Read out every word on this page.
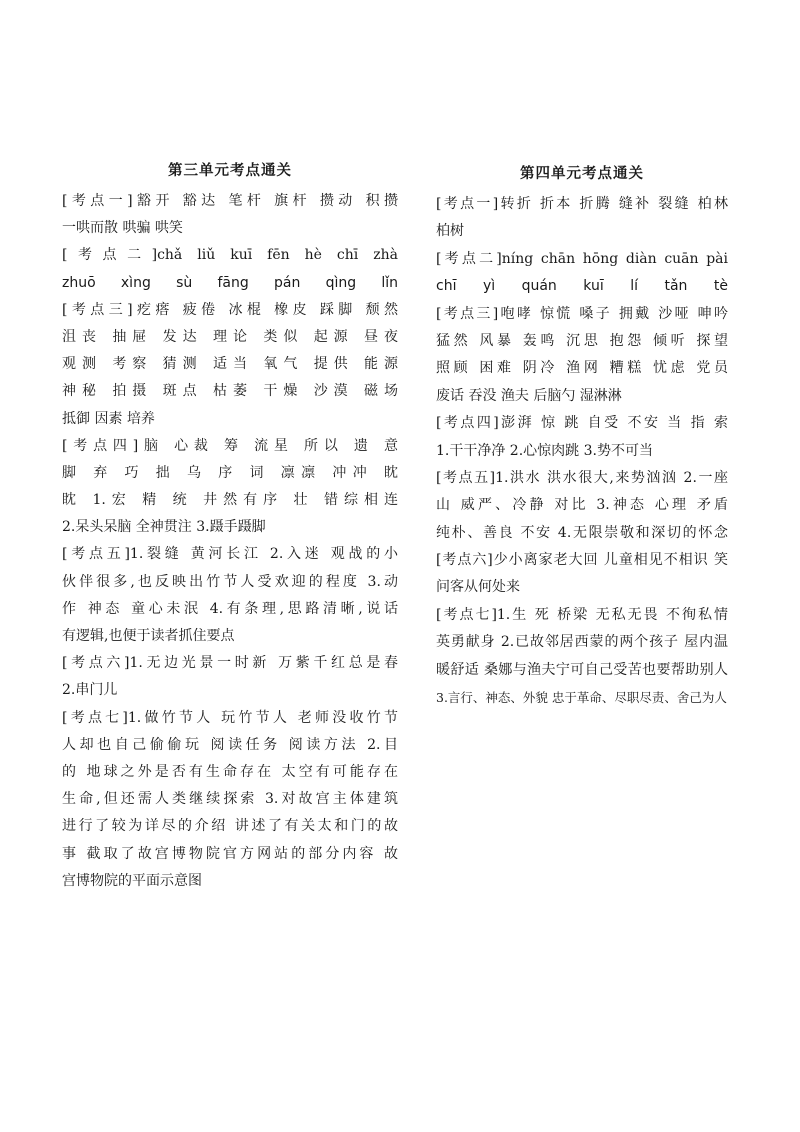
第三单元考点通关

[考点一]豁开 豁达 笔杆 旗杆 攒动 积攒

一哄而散 哄骗 哄笑

[考点二]chǎ liǔ kuī fēn hè chī zhà

zhuō xìng sù fāng pán qìng lǐn

[考点三]疙瘩 疲倦 冰棍 橡皮 踩脚 颓然

沮丧 抽屉 发达 理论 类似 起源 昼夜

观测 考察 猜测 适当 氧气 提供 能源

神秘 拍摄 斑点 枯萎 干燥 沙漠 磁场

抵御 因素 培养

[考点四]脑 心裁 筹 流星 所以 遗 意

脚 弃 巧 拙 乌 序 词 凛凛 冲冲 眈

眈 1.宏 精 统 井然有序 壮 错综相连

2.呆头呆脑 全神贯注 3.蹑手蹑脚

[考点五]1.裂缝 黄河长江 2.入迷 观战的小

伙伴很多,也反映出竹节人受欢迎的程度 3.动

作 神态 童心未泯 4.有条理,思路清晰,说话

有逻辑,也便于读者抓住要点

[考点六]1.无边光景一时新 万紫千红总是春

2.串门儿

[考点七]1.做竹节人 玩竹节人 老师没收竹节

人却也自己偷偷玩 阅读任务 阅读方法 2.目

的 地球之外是否有生命存在 太空有可能存在

生命,但还需人类继续探索 3.对故宫主体建筑

进行了较为详尽的介绍 讲述了有关太和门的故

事 截取了故宫博物院官方网站的部分内容 故

宫博物院的平面示意图

第四单元考点通关

[考点一]转折 折本 折腾 缝补 裂缝 柏林

柏树

[考点二]níng chān hōng diàn cuān pài

chī yì quán kuī lí tǎn tè

[考点三]咆哮 惊慌 嗓子 拥戴 沙哑 呻吟

猛然 风暴 轰鸣 沉思 抱怨 倾听 探望

照顾 困难 阴冷 渔网 糟糕 忧虑 党员

废话 吞没 渔夫 后脑勺 湿淋淋

[考点四]澎湃 惊 跳 自受 不安 当 指 索

1.干干净净 2.心惊肉跳 3.势不可当

[考点五]1.洪水 洪水很大,来势汹汹 2.一座

山 威严、冷静 对比 3.神态 心理 矛盾

纯朴、善良 不安 4.无限崇敬和深切的怀念

[考点六]少小离家老大回 儿童相见不相识 笑

问客从何处来

[考点七]1.生 死 桥梁 无私无畏 不徇私情

英勇献身 2.已故邻居西蒙的两个孩子 屋内温

暖舒适 桑娜与渔夫宁可自己受苦也要帮助别人

3.言行、神态、外貌 忠于革命、尽职尽责、舍己为人
